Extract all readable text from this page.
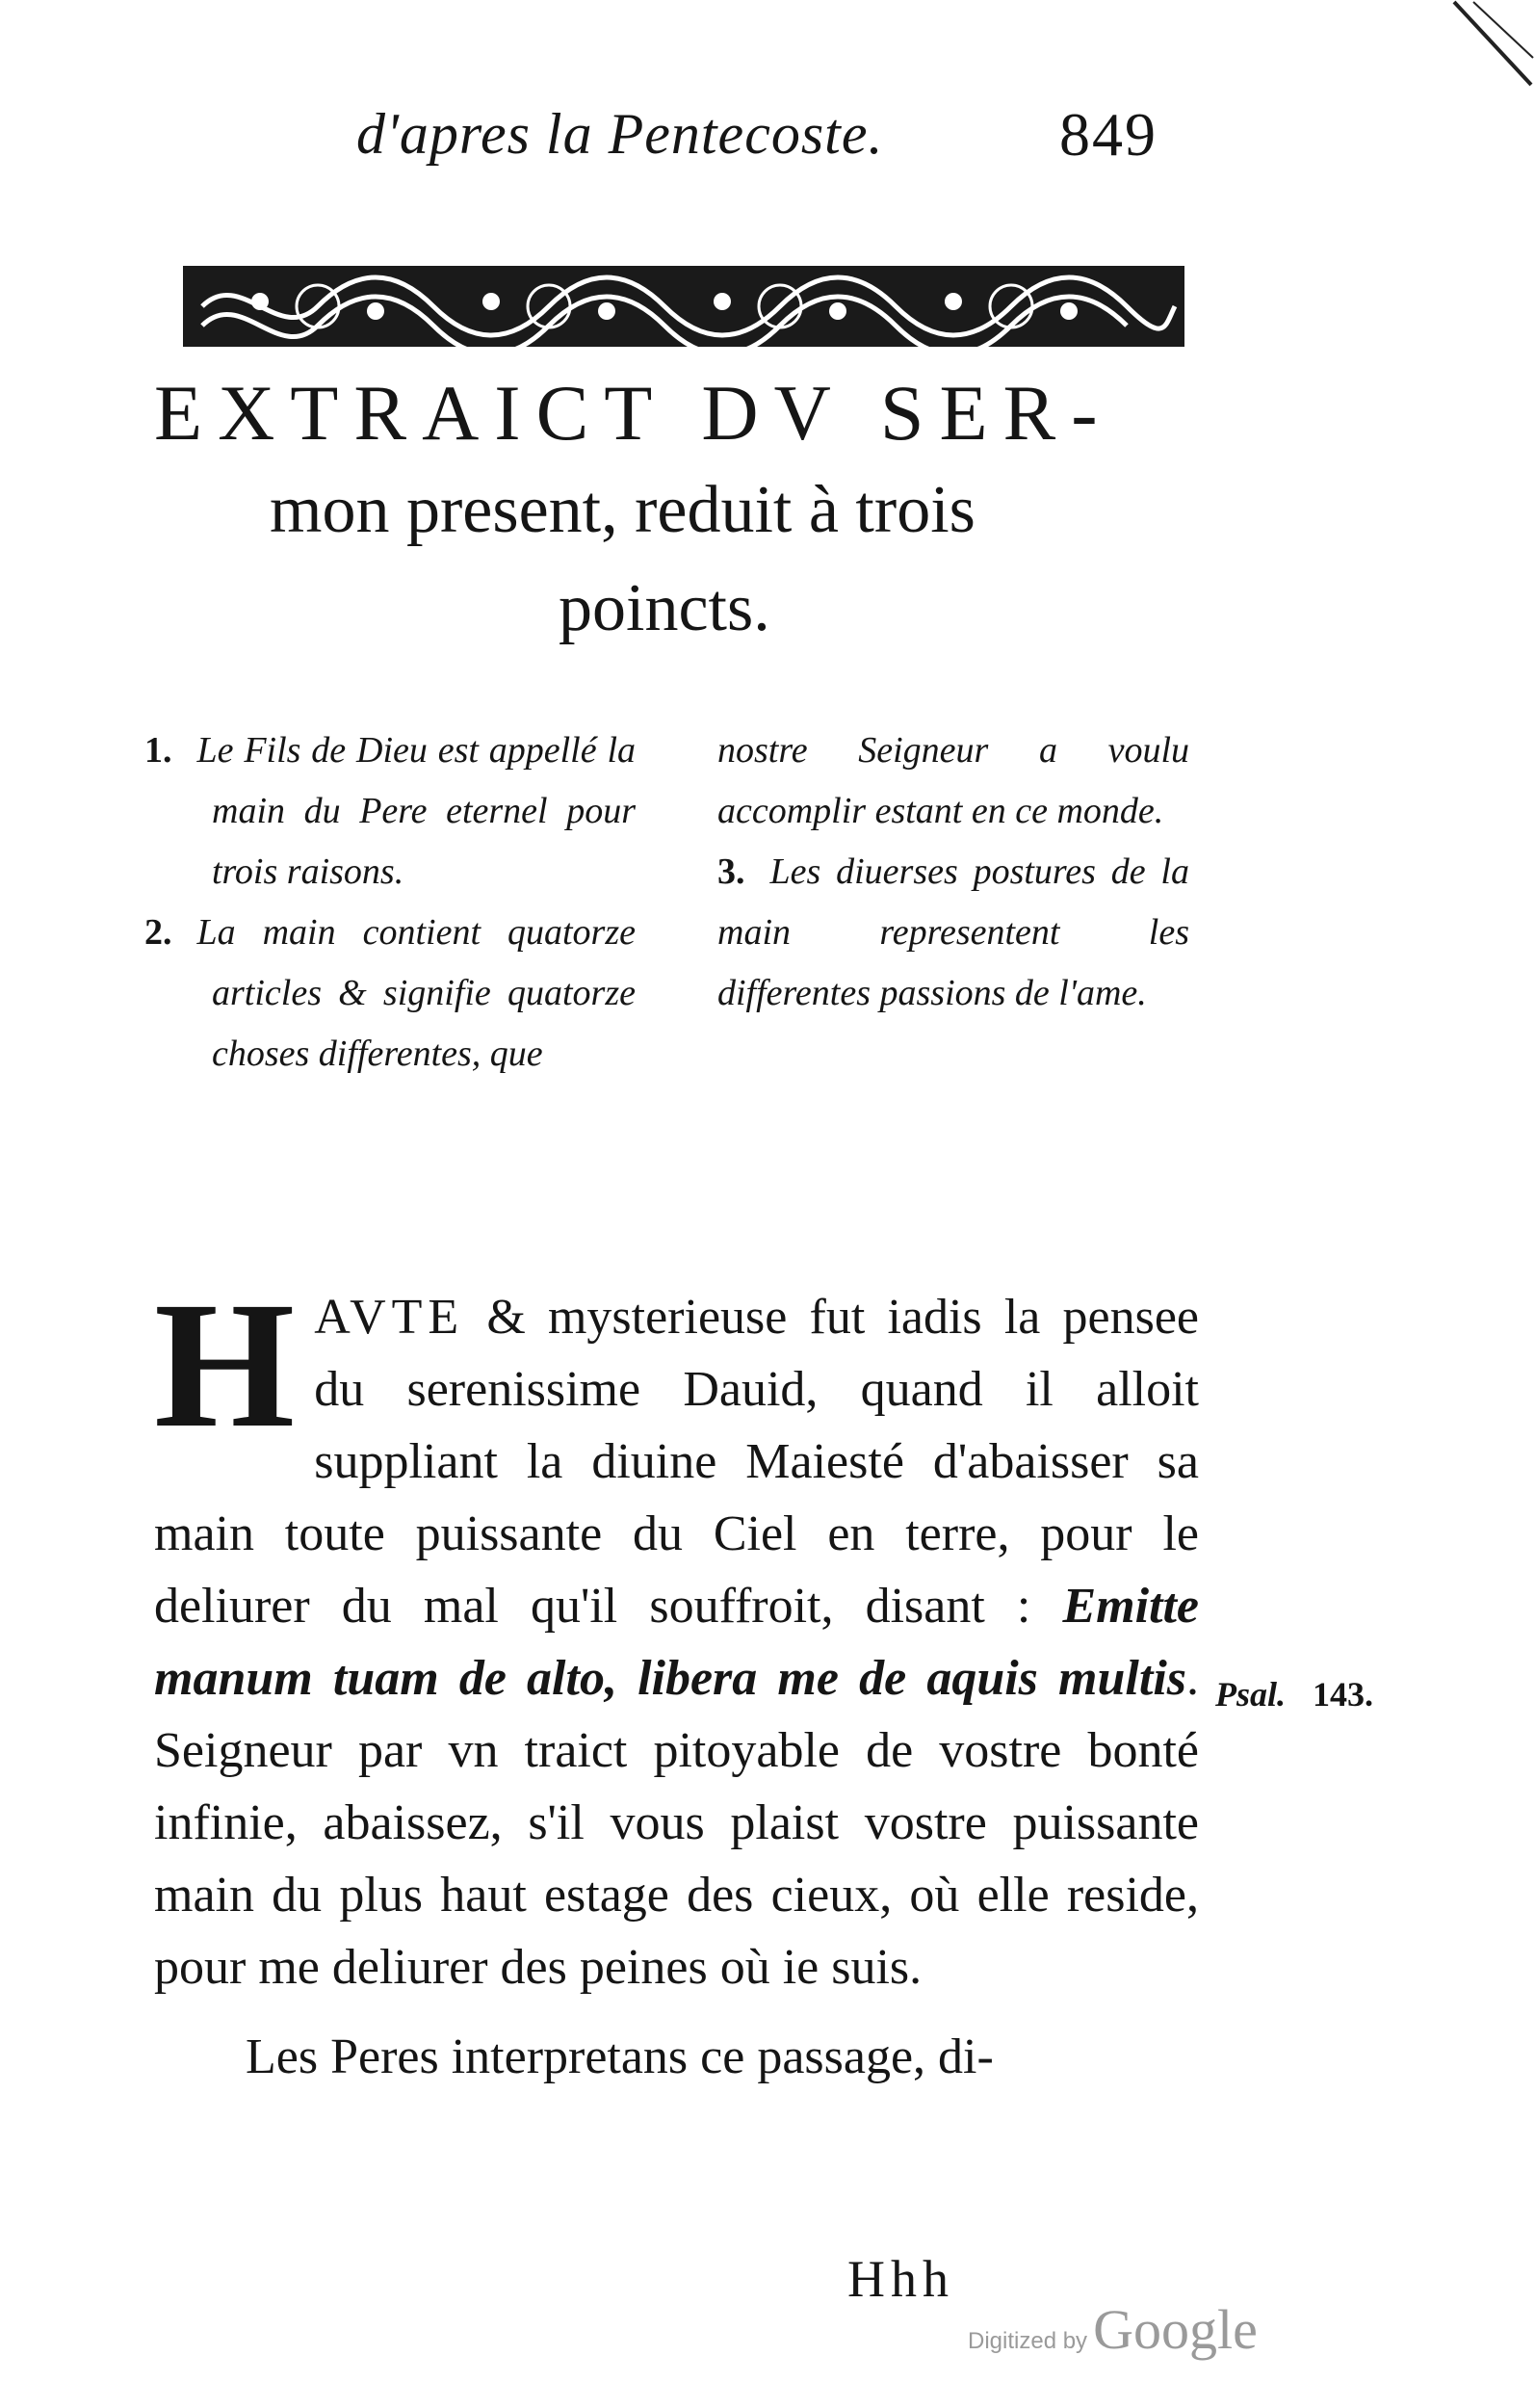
d'apres la Pentecoste.	849
EXTRAICT DV SER-
mon present, reduit à trois
poincts.

1. Le Fils de Dieu est appellé la main du Pere eternel pour trois raisons.

2. La main contient quatorze articles & signifie quatorze choses differentes, que

nostre Seigneur a voulu accomplir estant en ce monde.

3. Les diuerses postures de la main representent les differentes passions de l'ame.

HAVTE & mysterieuse fut iadis la pensee du serenissime Dauid, quand il alloit suppliant la diuine Maiesté d'abaisser sa main toute puissante du Ciel en terre, pour le deliurer du mal qu'il souffroit, disant : Emitte manum tuam de alto, libera me de aquis multis. Seigneur par vn traict pitoyable de vostre bonté infinie, abaissez, s'il vous plaist vostre puissante main du plus haut estage des cieux, où elle reside, pour me deliurer des peines où ie suis.

Les Peres interpretans ce passage, di-

Psal. 143.
Hhh
Digitized by Google
